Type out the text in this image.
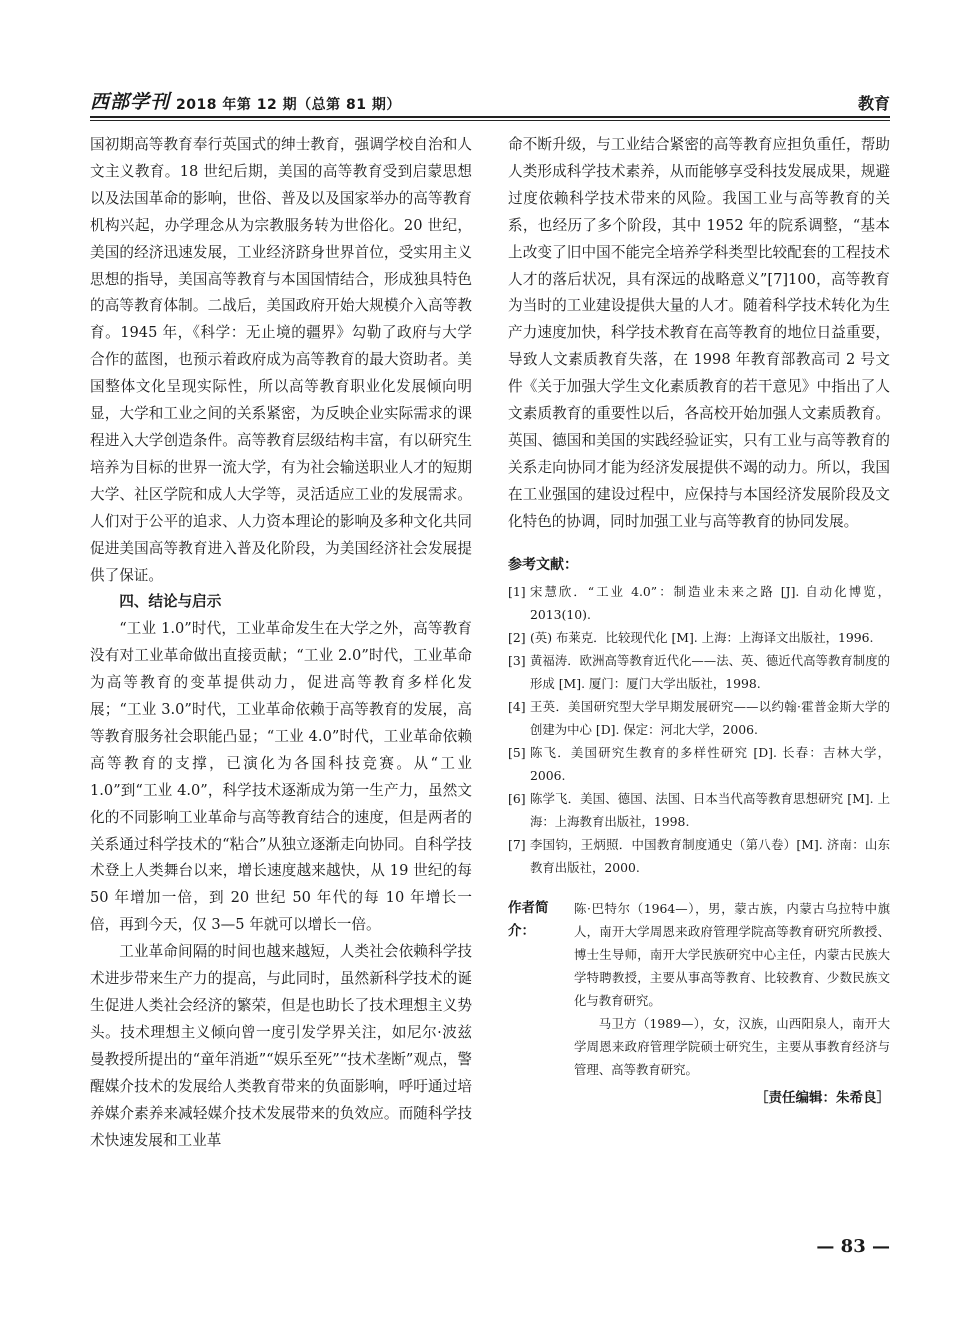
西部学刊 2018 年第 12 期（总第 81 期）	教育

国初期高等教育奉行英国式的绅士教育，强调学校自治和人文主义教育。18 世纪后期，美国的高等教育受到启蒙思想以及法国革命的影响，世俗、普及以及国家举办的高等教育机构兴起，办学理念从为宗教服务转为世俗化。20 世纪，美国的经济迅速发展，工业经济跻身世界首位，受实用主义思想的指导，美国高等教育与本国国情结合，形成独具特色的高等教育体制。二战后，美国政府开始大规模介入高等教育。1945 年，《科学：无止境的疆界》勾勒了政府与大学合作的蓝图，也预示着政府成为高等教育的最大资助者。美国整体文化呈现实际性，所以高等教育职业化发展倾向明显，大学和工业之间的关系紧密，为反映企业实际需求的课程进入大学创造条件。高等教育层级结构丰富，有以研究生培养为目标的世界一流大学，有为社会输送职业人才的短期大学、社区学院和成人大学等，灵活适应工业的发展需求。人们对于公平的追求、人力资本理论的影响及多种文化共同促进美国高等教育进入普及化阶段，为美国经济社会发展提供了保证。

四、结论与启示

“工业 1.0”时代，工业革命发生在大学之外，高等教育没有对工业革命做出直接贡献；“工业 2.0”时代，工业革命为高等教育的变革提供动力，促进高等教育多样化发展；“工业 3.0”时代，工业革命依赖于高等教育的发展，高等教育服务社会职能凸显；“工业 4.0”时代，工业革命依赖高等教育的支撑，已演化为各国科技竞赛。从“工业 1.0”到“工业 4.0”，科学技术逐渐成为第一生产力，虽然文化的不同影响工业革命与高等教育结合的速度，但是两者的关系通过科学技术的“粘合”从独立逐渐走向协同。自科学技术登上人类舞台以来，增长速度越来越快，从 19 世纪的每 50 年增加一倍，到 20 世纪 50 年代的每 10 年增长一倍，再到今天，仅 3—5 年就可以增长一倍。

工业革命间隔的时间也越来越短，人类社会依赖科学技术进步带来生产力的提高，与此同时，虽然新科学技术的诞生促进人类社会经济的繁荣，但是也助长了技术理想主义势头。技术理想主义倾向曾一度引发学界关注，如尼尔·波兹曼教授所提出的“童年消逝”“娱乐至死”“技术垄断”观点，警醒媒介技术的发展给人类教育带来的负面影响，呼吁通过培养媒介素养来减轻媒介技术发展带来的负效应。而随科学技术快速发展和工业革

命不断升级，与工业结合紧密的高等教育应担负重任，帮助人类形成科学技术素养，从而能够享受科技发展成果，规避过度依赖科学技术带来的风险。我国工业与高等教育的关系，也经历了多个阶段，其中 1952 年的院系调整，“基本上改变了旧中国不能完全培养学科类型比较配套的工程技术人才的落后状况，具有深远的战略意义”[7]100，高等教育为当时的工业建设提供大量的人才。随着科学技术转化为生产力速度加快，科学技术教育在高等教育的地位日益重要，导致人文素质教育失落，在 1998 年教育部教高司 2 号文件《关于加强大学生文化素质教育的若干意见》中指出了人文素质教育的重要性以后，各高校开始加强人文素质教育。英国、德国和美国的实践经验证实，只有工业与高等教育的关系走向协同才能为经济发展提供不竭的动力。所以，我国在工业强国的建设过程中，应保持与本国经济发展阶段及文化特色的协调，同时加强工业与高等教育的协同发展。

参考文献：
[1] 宋慧欣．“工业 4.0”：制造业未来之路 [J]. 自动化博览，2013(10).
[2] (英) 布莱克．比较现代化 [M]. 上海：上海译文出版社，1996.
[3] 黄福涛．欧洲高等教育近代化——法、英、德近代高等教育制度的形成 [M]. 厦门：厦门大学出版社，1998.
[4] 王英．美国研究型大学早期发展研究——以约翰·霍普金斯大学的创建为中心 [D]. 保定：河北大学，2006.
[5] 陈飞．美国研究生教育的多样性研究 [D]. 长春：吉林大学，2006.
[6] 陈学飞．美国、德国、法国、日本当代高等教育思想研究 [M]. 上海：上海教育出版社，1998.
[7] 李国钧，王炳照．中国教育制度通史（第八卷）[M]. 济南：山东教育出版社，2000.
作者简介：

陈·巴特尔（1964—），男，蒙古族，内蒙古乌拉特中旗人，南开大学周恩来政府管理学院高等教育研究所教授、博士生导师，南开大学民族研究中心主任，内蒙古民族大学特聘教授，主要从事高等教育、比较教育、少数民族文化与教育研究。

马卫方（1989—），女，汉族，山西阳泉人，南开大学周恩来政府管理学院硕士研究生，主要从事教育经济与管理、高等教育研究。

［责任编辑：朱希良］

— 83 —
